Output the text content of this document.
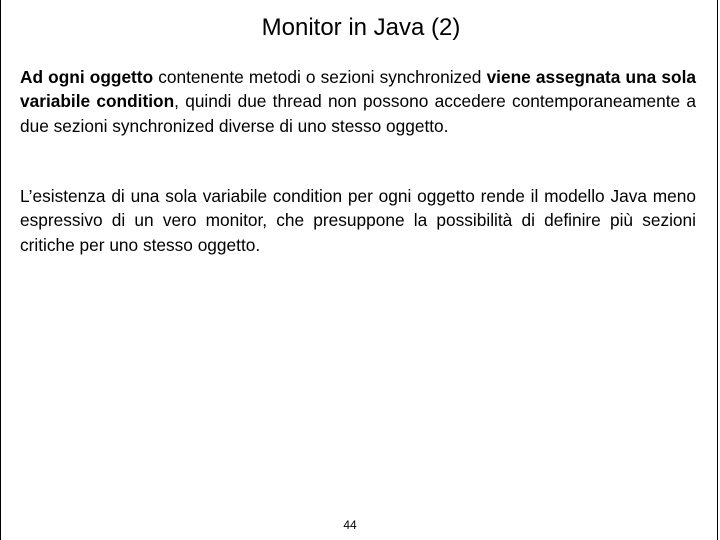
Monitor in Java (2)

Ad ogni oggetto contenente metodi o sezioni synchronized viene assegnata una sola variabile condition, quindi due thread non possono accedere contemporaneamente a due sezioni synchronized diverse di uno stesso oggetto.

L’esistenza di una sola variabile condition per ogni oggetto rende il modello Java meno espressivo di un vero monitor, che presuppone la possibilità di definire più sezioni critiche per uno stesso oggetto.

44
